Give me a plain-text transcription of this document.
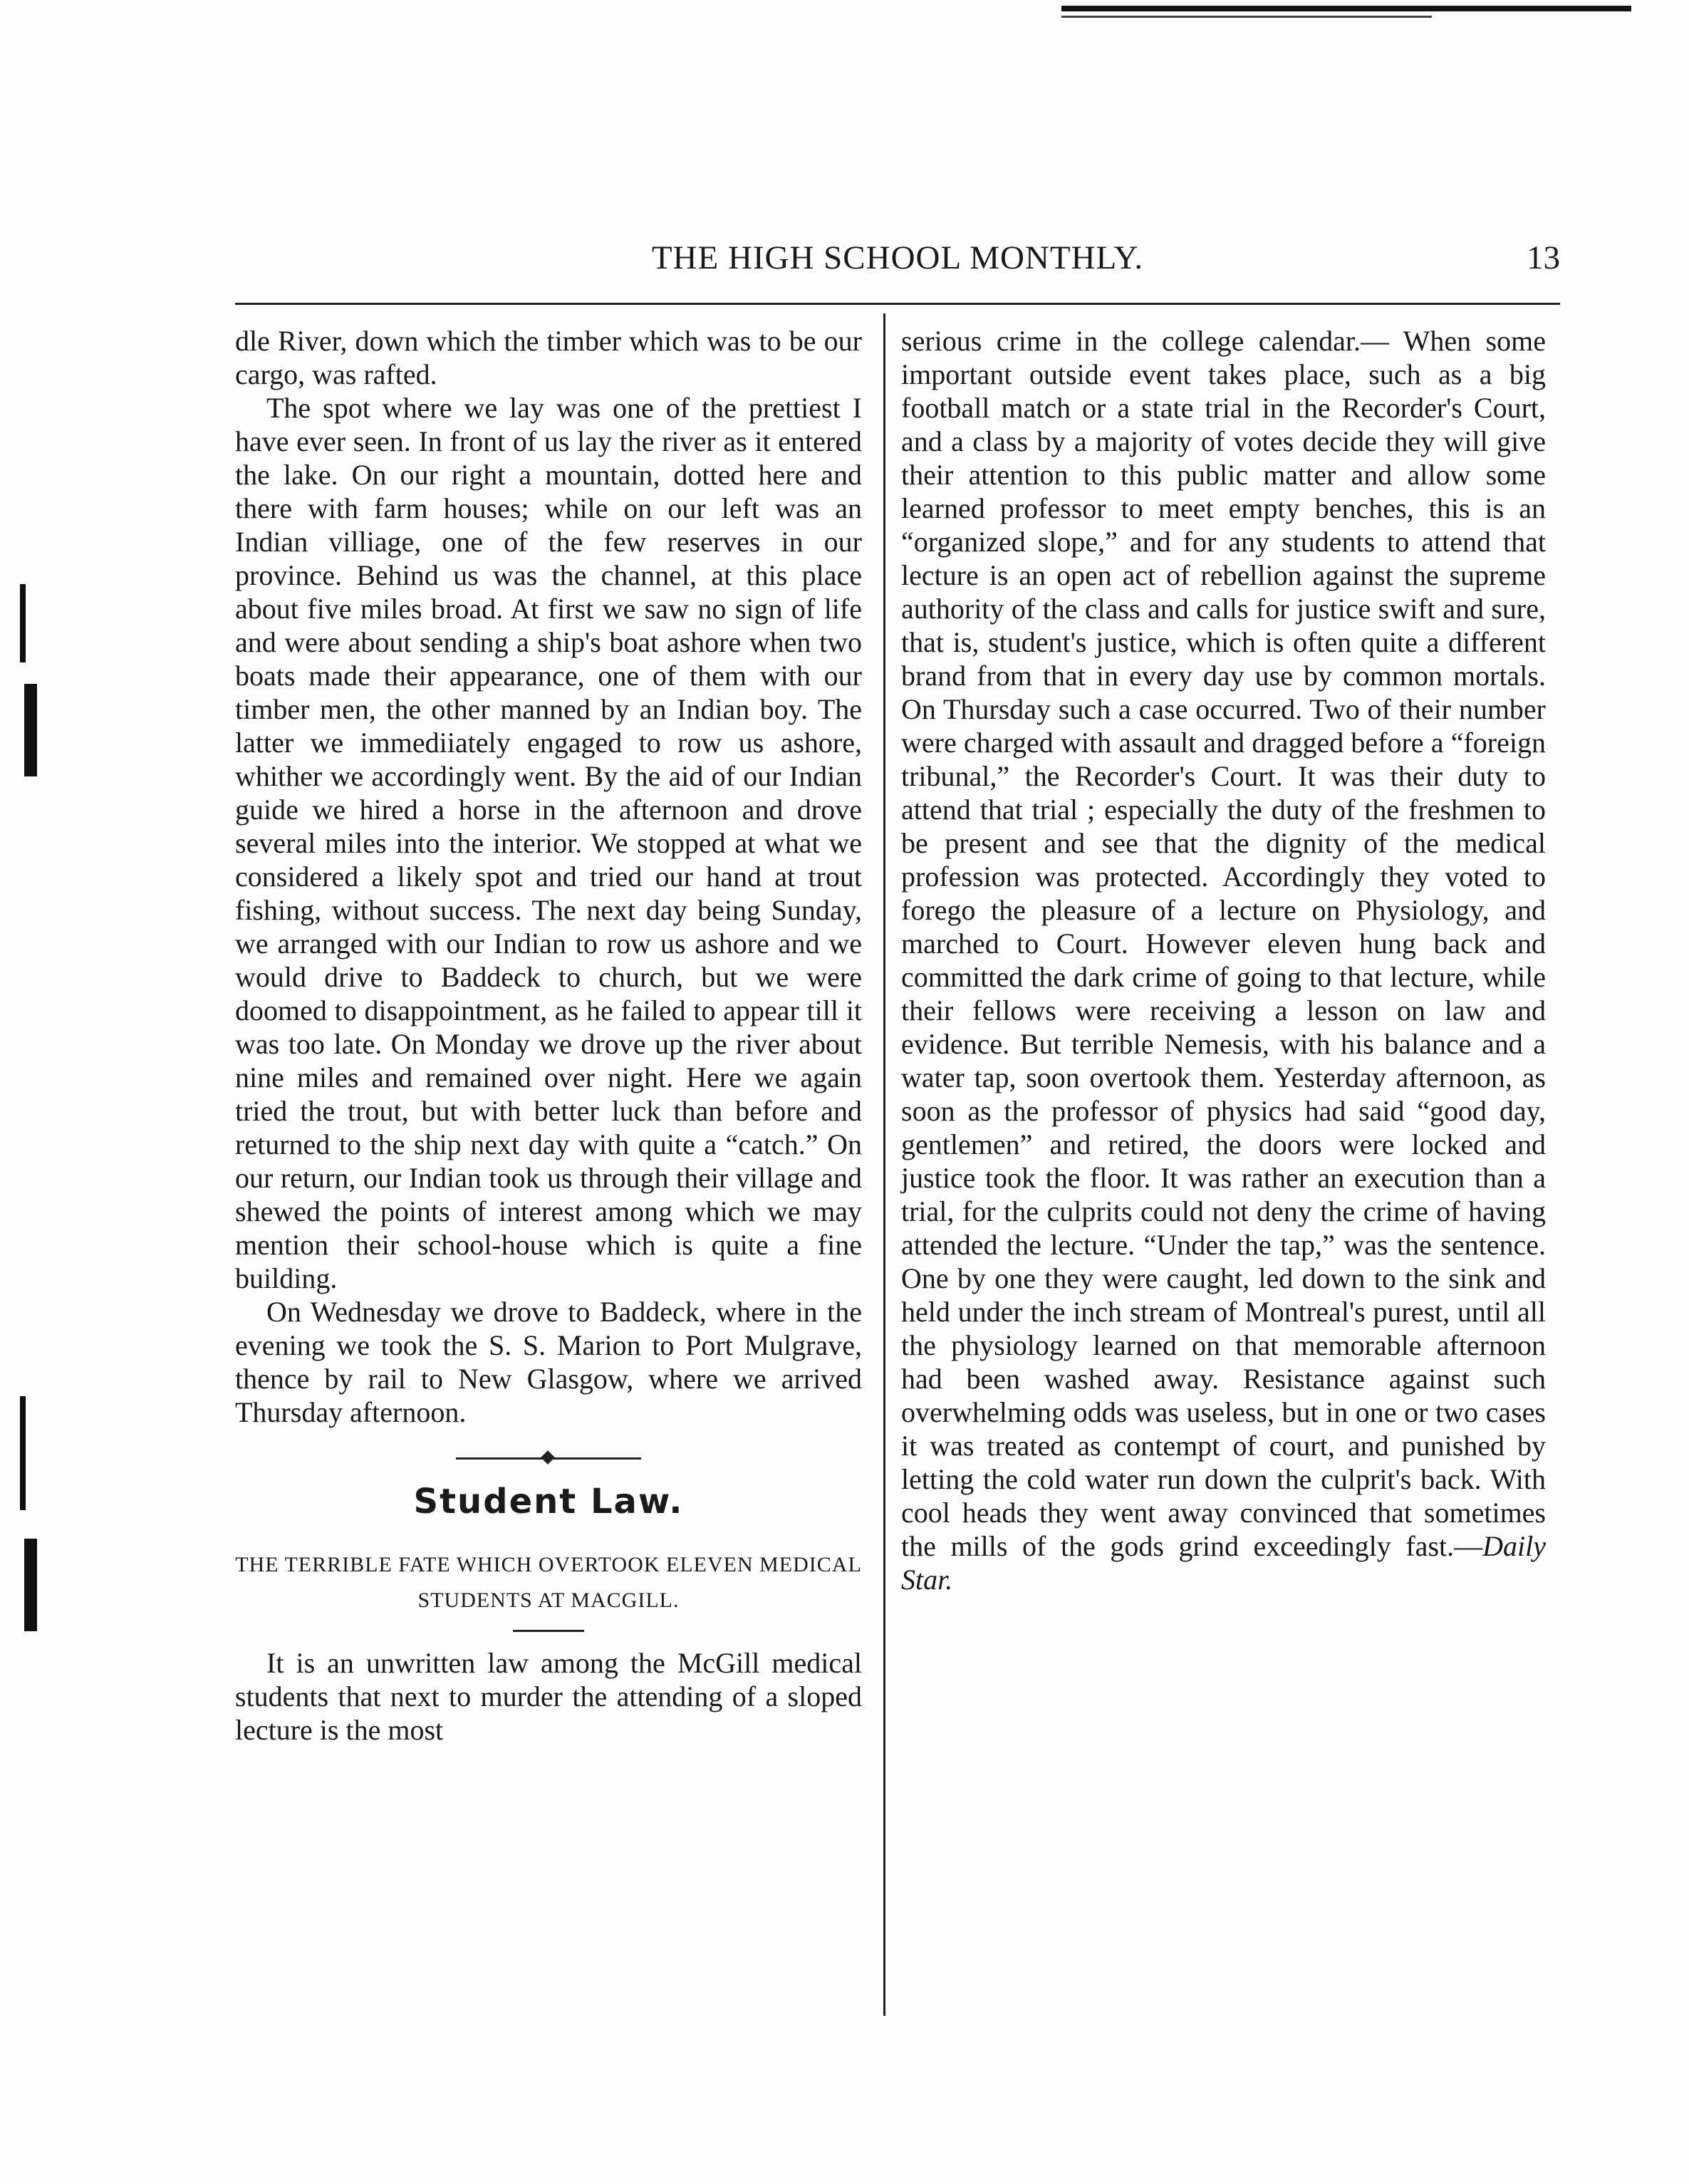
THE HIGH SCHOOL MONTHLY.	13

dle River, down which the timber which was to be our cargo, was rafted.

The spot where we lay was one of the prettiest I have ever seen. In front of us lay the river as it entered the lake. On our right a mountain, dotted here and there with farm houses; while on our left was an Indian villiage, one of the few reserves in our province. Behind us was the channel, at this place about five miles broad. At first we saw no sign of life and were about sending a ship's boat ashore when two boats made their appearance, one of them with our timber men, the other manned by an Indian boy. The latter we immediiately engaged to row us ashore, whither we accordingly went. By the aid of our Indian guide we hired a horse in the afternoon and drove several miles into the interior. We stopped at what we considered a likely spot and tried our hand at trout fishing, without success. The next day being Sunday, we arranged with our Indian to row us ashore and we would drive to Baddeck to church, but we were doomed to disappointment, as he failed to appear till it was too late. On Monday we drove up the river about nine miles and remained over night. Here we again tried the trout, but with better luck than before and returned to the ship next day with quite a “catch.” On our return, our Indian took us through their village and shewed the points of interest among which we may mention their school-house which is quite a fine building.

On Wednesday we drove to Baddeck, where in the evening we took the S. S. Marion to Port Mulgrave, thence by rail to New Glasgow, where we arrived Thursday afternoon.

Student Law.
THE TERRIBLE FATE WHICH OVERTOOK ELEVEN MEDICAL STUDENTS AT MACGILL.

It is an unwritten law among the McGill medical students that next to murder the attending of a sloped lecture is the most

serious crime in the college calendar.— When some important outside event takes place, such as a big football match or a state trial in the Recorder's Court, and a class by a majority of votes decide they will give their attention to this public matter and allow some learned professor to meet empty benches, this is an “organized slope,” and for any students to attend that lecture is an open act of rebellion against the supreme authority of the class and calls for justice swift and sure, that is, student's justice, which is often quite a different brand from that in every day use by common mortals. On Thursday such a case occurred. Two of their number were charged with assault and dragged before a “foreign tribunal,” the Recorder's Court. It was their duty to attend that trial ; especially the duty of the freshmen to be present and see that the dignity of the medical profession was protected. Accordingly they voted to forego the pleasure of a lecture on Physiology, and marched to Court. However eleven hung back and committed the dark crime of going to that lecture, while their fellows were receiving a lesson on law and evidence. But terrible Nemesis, with his balance and a water tap, soon overtook them. Yesterday afternoon, as soon as the professor of physics had said “good day, gentlemen” and retired, the doors were locked and justice took the floor. It was rather an execution than a trial, for the culprits could not deny the crime of having attended the lecture. “Under the tap,” was the sentence. One by one they were caught, led down to the sink and held under the inch stream of Montreal's purest, until all the physiology learned on that memorable afternoon had been washed away. Resistance against such overwhelming odds was useless, but in one or two cases it was treated as contempt of court, and punished by letting the cold water run down the culprit's back. With cool heads they went away convinced that sometimes the mills of the gods grind exceedingly fast.—Daily Star.
